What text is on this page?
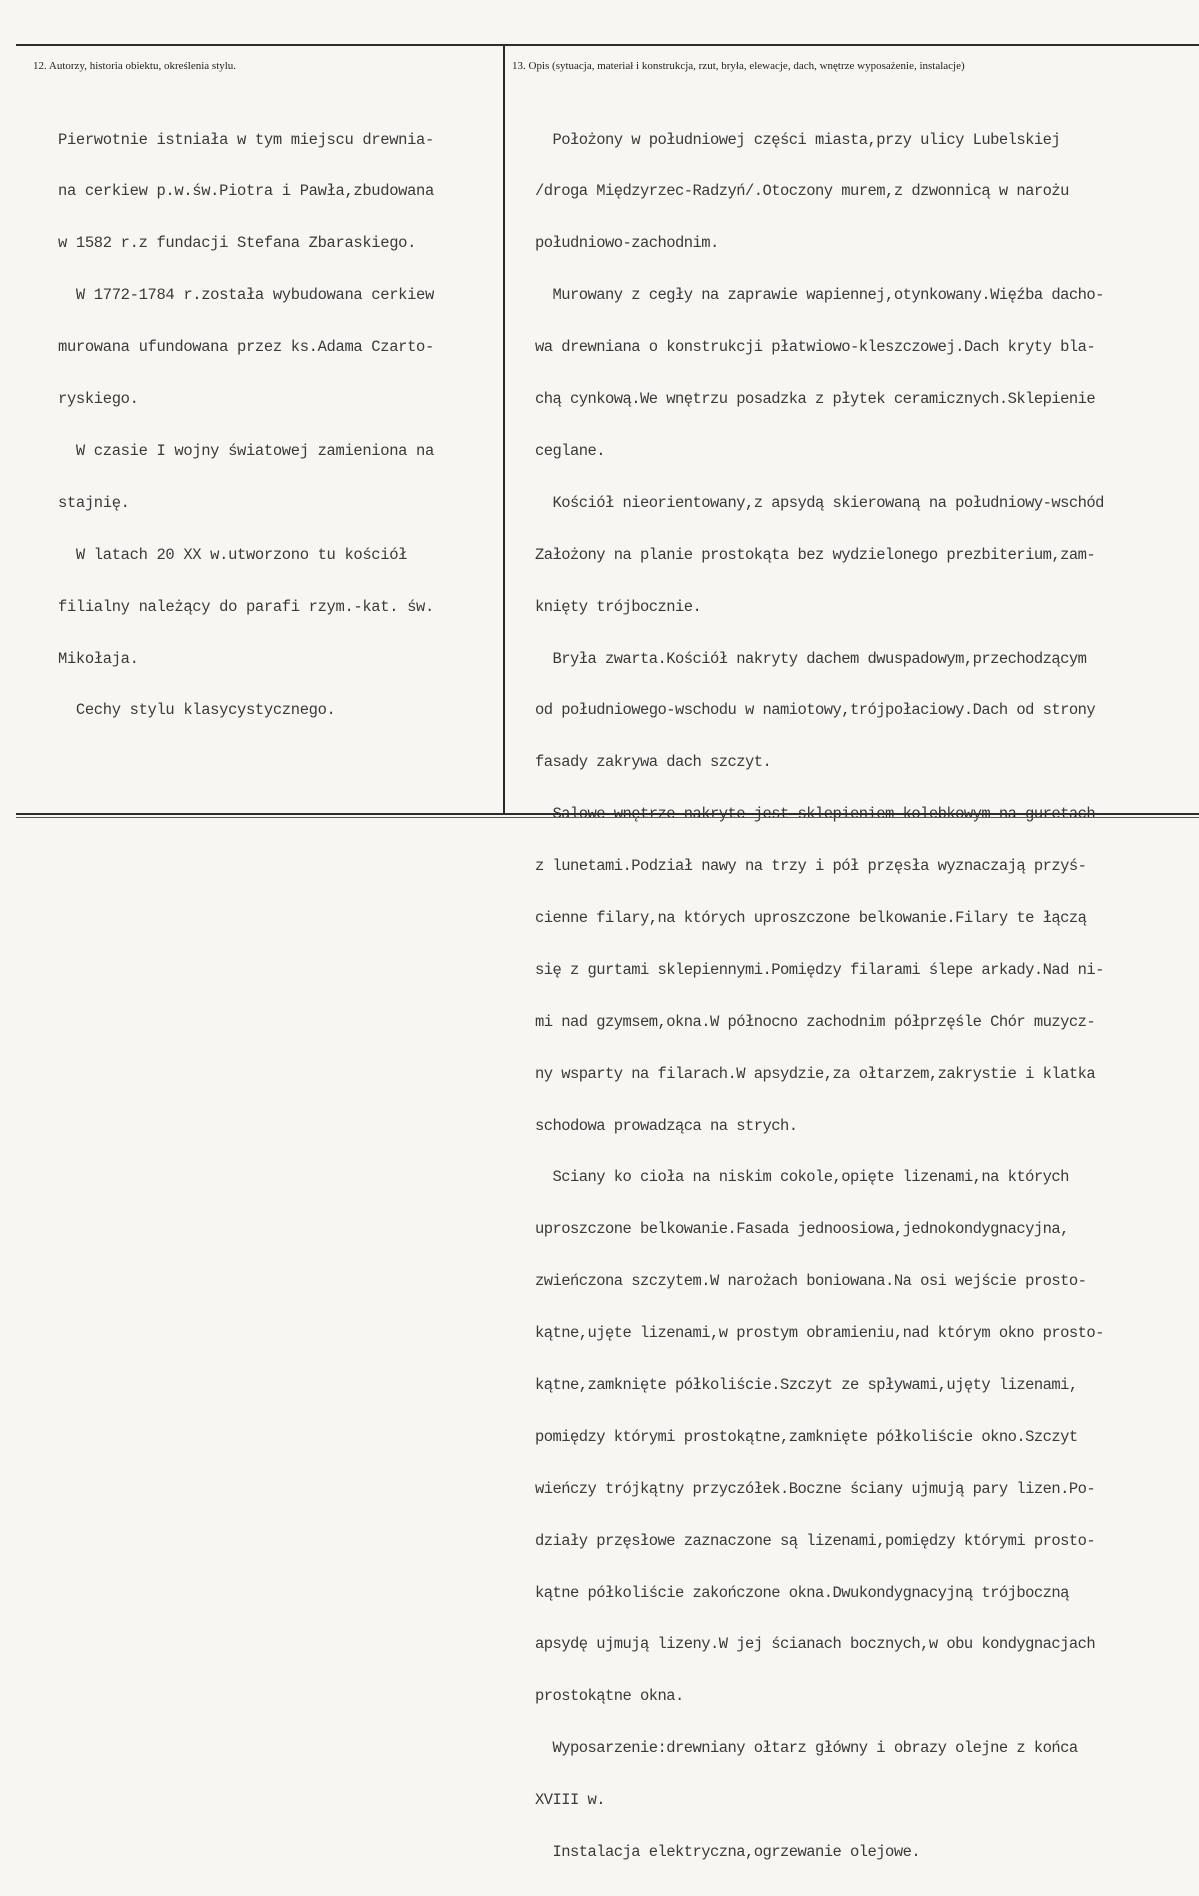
12. Autorzy, historia obiektu, określenia stylu.	13. Opis (sytuacja, materiał i konstrukcja, rzut, bryła, elewacje, dach, wnętrze wyposażenie, instalacje)

Pierwotnie istniała w tym miejscu drewnia-

na cerkiew p.w.św.Piotra i Pawła,zbudowana

w 1582 r.z fundacji Stefana Zbaraskiego.

W 1772-1784 r.została wybudowana cerkiew

murowana ufundowana przez ks.Adama Czarto-

ryskiego.

W czasie I wojny światowej zamieniona na

stajnię.

W latach 20 XX w.utworzono tu kościół

filialny należący do parafi rzym.-kat. św.

Mikołaja.

Cechy stylu klasycystycznego.

Położony w południowej części miasta,przy ulicy Lubelskiej

/droga Międzyrzec-Radzyń/.Otoczony murem,z dzwonnicą w narożu

południowo-zachodnim.

Murowany z cegły na zaprawie wapiennej,otynkowany.Więźba dacho-

wa drewniana o konstrukcji płatwiowo-kleszczowej.Dach kryty bla-

chą cynkową.We wnętrzu posadzka z płytek ceramicznych.Sklepienie

ceglane.

Kościół nieorientowany,z apsydą skierowaną na południowy-wschód

Założony na planie prostokąta bez wydzielonego prezbiterium,zam-

knięty trójbocznie.

Bryła zwarta.Kościół nakryty dachem dwuspadowym,przechodzącym

od południowego-wschodu w namiotowy,trójpołaciowy.Dach od strony

fasady zakrywa dach szczyt.

z lunetami.Podział nawy na trzy i pół przęsła wyznaczają przyś-

cienne filary,na których uproszczone belkowanie.Filary te łączą

się z gurtami sklepiennymi.Pomiędzy filarami ślepe arkady.Nad ni-

mi nad gzymsem,okna.W północno zachodnim półprzęśle Chór muzycz-

ny wsparty na filarach.W apsydzie,za ołtarzem,zakrystie i klatka

schodowa prowadząca na strych.

Sciany ko cioła na niskim cokole,opięte lizenami,na których

uproszczone belkowanie.Fasada jednoosiowa,jednokondygnacyjna,

zwieńczona szczytem.W narożach boniowana.Na osi wejście prosto-

kątne,ujęte lizenami,w prostym obramieniu,nad którym okno prosto-

kątne,zamknięte półkoliście.Szczyt ze spływami,ujęty lizenami,

pomiędzy którymi prostokątne,zamknięte półkoliście okno.Szczyt

wieńczy trójkątny przyczółek.Boczne ściany ujmują pary lizen.Po-

działy przęsłowe zaznaczone są lizenami,pomiędzy którymi prosto-

kątne półkoliście zakończone okna.Dwukondygnacyjną trójboczną

apsydę ujmują lizeny.W jej ścianach bocznych,w obu kondygnacjach

prostokątne okna.

Wyposarzenie:drewniany ołtarz główny i obrazy olejne z końca

XVIII w.

Instalacja elektryczna,ogrzewanie olejowe.
